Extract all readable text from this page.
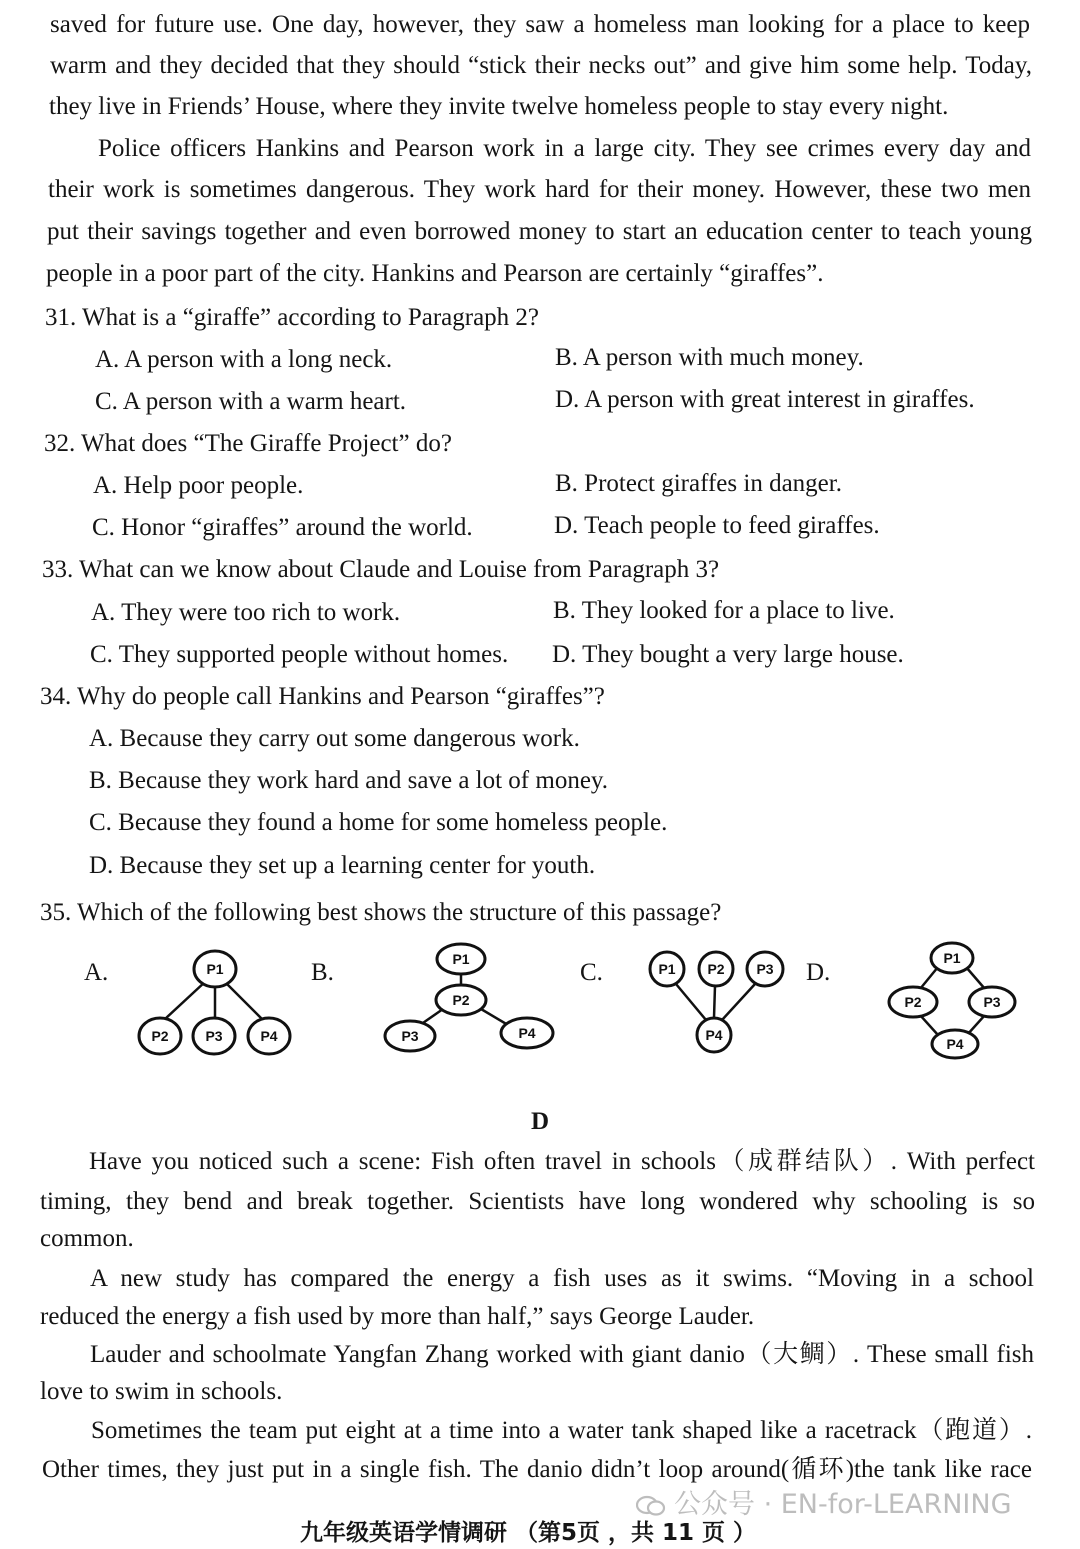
saved for future use. One day, however, they saw a homeless man looking for a place to keep
warm and they decided that they should “stick their necks out” and give him some help. Today,
they live in Friends’ House, where they invite twelve homeless people to stay every night.
Police officers Hankins and Pearson work in a large city. They see crimes every day and
their work is sometimes dangerous. They work hard for their money. However, these two men
put their savings together and even borrowed money to start an education center to teach young
people in a poor part of the city. Hankins and Pearson are certainly “giraffes”.
31. What is a “giraffe” according to Paragraph 2?
A. A person with a long neck.	B. A person with much money.
C. A person with a warm heart.	D. A person with great interest in giraffes.
32. What does “The Giraffe Project” do?
A. Help poor people.	B. Protect giraffes in danger.
C. Honor “giraffes” around the world.	D. Teach people to feed giraffes.
33. What can we know about Claude and Louise from Paragraph 3?
A. They were too rich to work.	B. They looked for a place to live.
C. They supported people without homes. D. They bought a very large house.
34. Why do people call Hankins and Pearson “giraffes”?
A. Because they carry out some dangerous work.
B. Because they work hard and save a lot of money.
C. Because they found a home for some homeless people.
D. Because they set up a learning center for youth.
35. Which of the following best shows the structure of this passage?
A.	B.	C.	D.
P1
P2	P3	P4
P1
P2
P3	P4
P1 P2 P3
P4
P1
P2	P3
P4
D
Have you noticed such a scene: Fish often travel in schools（成群结队）. With perfect
timing, they bend and break together. Scientists have long wondered why schooling is so
common.
A new study has compared the energy a fish uses as it swims. “Moving in a school
reduced the energy a fish used by more than half,” says George Lauder.
Lauder and schoolmate Yangfan Zhang worked with giant danio（大鲷）. These small fish
love to swim in schools.
Sometimes the team put eight at a time into a water tank shaped like a racetrack（跑道）.
Other times, they just put in a single fish. The danio didn’t loop around(循环)the tank like race
公众号 · EN-for-LEARNING
九年级英语学情调研 （第5页 ，共 11 页 ）
